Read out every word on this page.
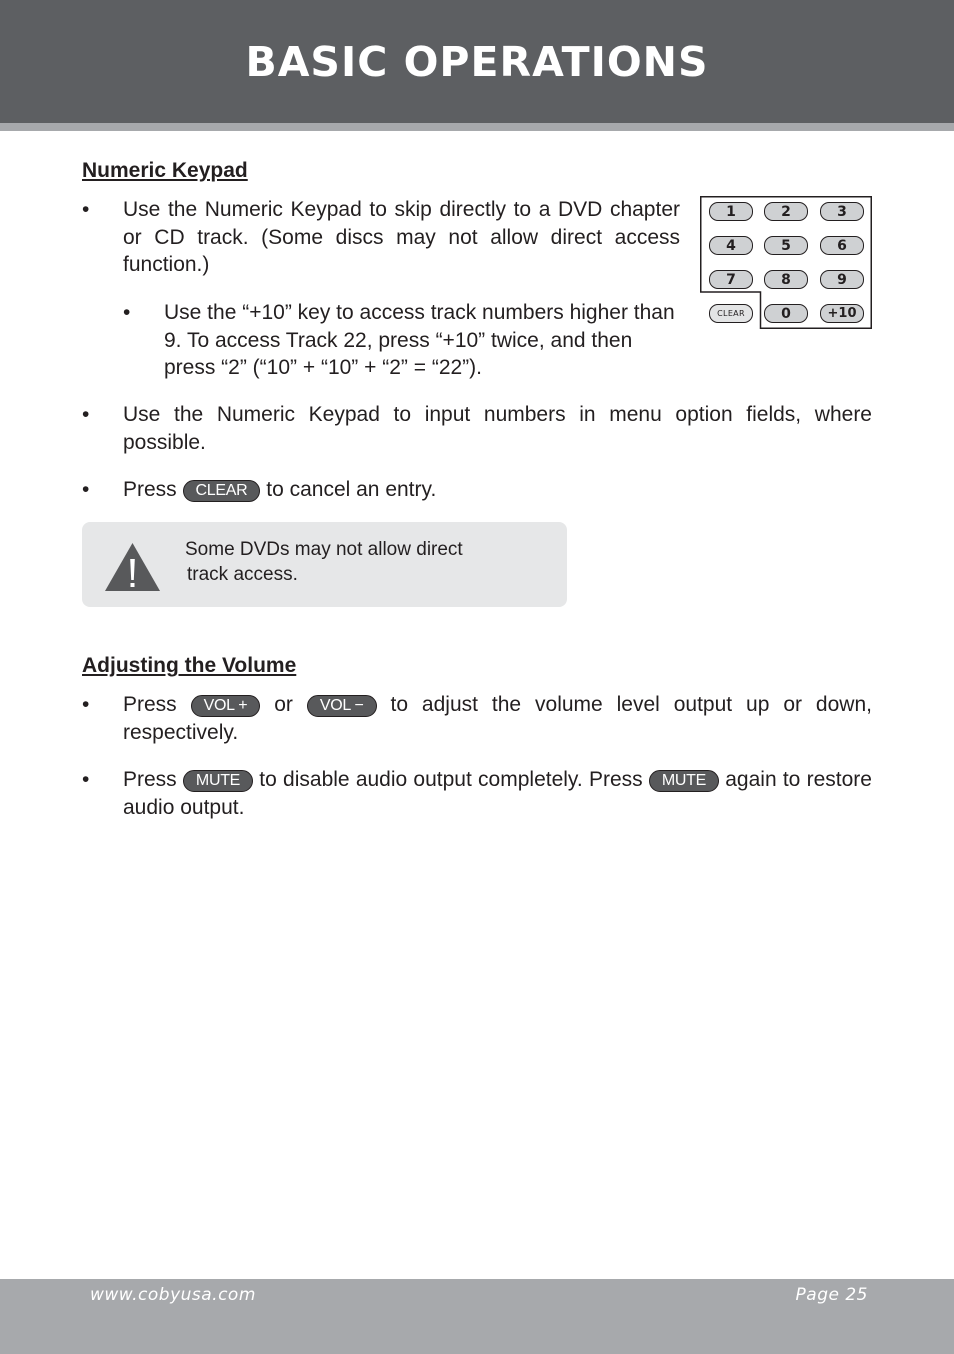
BASIC OPERATIONS
Numeric Keypad
• Use the Numeric Keypad to skip directly to a DVD chapter or CD track. (Some discs may not allow direct access function.)
• Use the “+10” key to access track numbers higher than 9. To access Track 22, press “+10” twice, and then press “2” (“10” + “10” + “2” = “22”).
1	2	3
4	5	6
7	8	9
CLEAR	0	+10
• Use the Numeric Keypad to input numbers in menu option fields, where possible.
• Press CLEAR to cancel an entry.
Some DVDs may not allow direct
track access.
Adjusting the Volume
• Press VOL + or VOL − to adjust the volume level output up or down, respectively.
• Press MUTE to disable audio output completely. Press MUTE again to restore audio output.
www.cobyusa.com	Page 25
